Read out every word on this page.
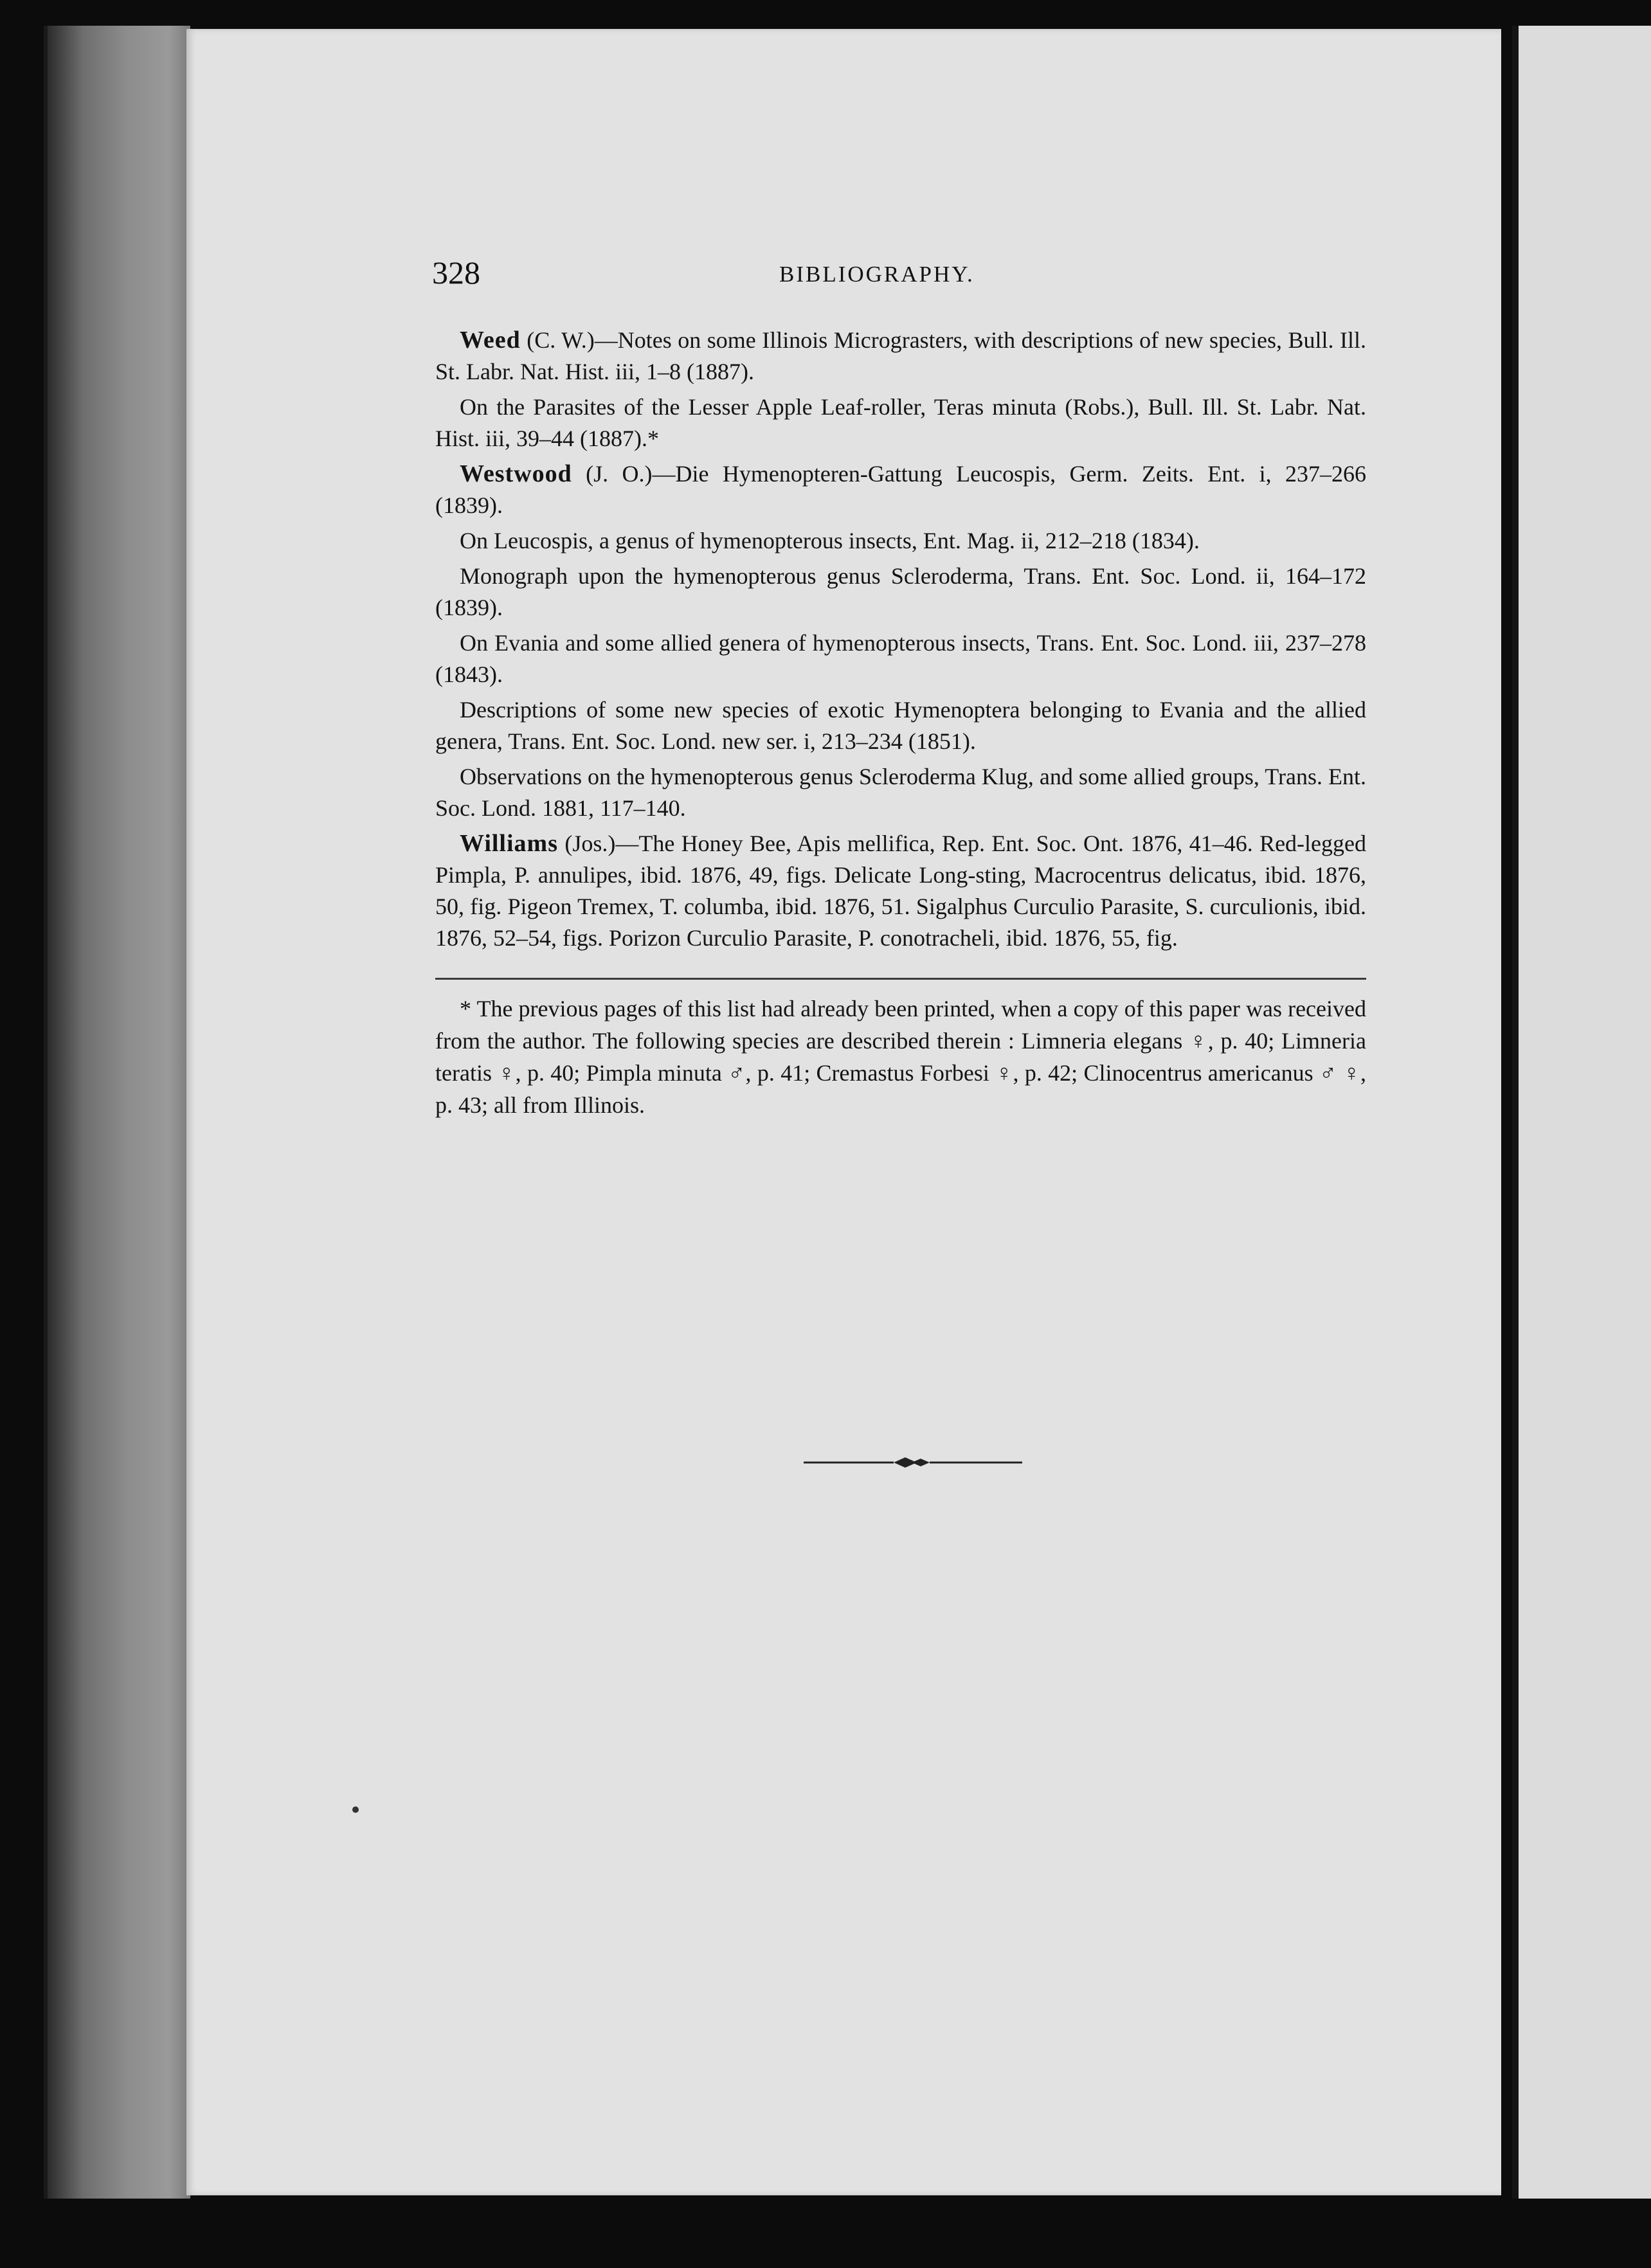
328	BIBLIOGRAPHY.

Weed (C. W.)—Notes on some Illinois Micrograsters, with descriptions of new species, Bull. Ill. St. Labr. Nat. Hist. iii, 1–8 (1887).

On the Parasites of the Lesser Apple Leaf-roller, Teras minuta (Robs.), Bull. Ill. St. Labr. Nat. Hist. iii, 39–44 (1887).*

Westwood (J. O.)—Die Hymenopteren-Gattung Leucospis, Germ. Zeits. Ent. i, 237–266 (1839).

On Leucospis, a genus of hymenopterous insects, Ent. Mag. ii, 212–218 (1834).

Monograph upon the hymenopterous genus Scleroderma, Trans. Ent. Soc. Lond. ii, 164–172 (1839).

On Evania and some allied genera of hymenopterous insects, Trans. Ent. Soc. Lond. iii, 237–278 (1843).

Descriptions of some new species of exotic Hymenoptera belonging to Evania and the allied genera, Trans. Ent. Soc. Lond. new ser. i, 213–234 (1851).

Observations on the hymenopterous genus Scleroderma Klug, and some allied groups, Trans. Ent. Soc. Lond. 1881, 117–140.

Williams (Jos.)—The Honey Bee, Apis mellifica, Rep. Ent. Soc. Ont. 1876, 41–46. Red-legged Pimpla, P. annulipes, ibid. 1876, 49, figs. Delicate Long-sting, Macrocentrus delicatus, ibid. 1876, 50, fig. Pigeon Tremex, T. columba, ibid. 1876, 51. Sigalphus Curculio Parasite, S. curculionis, ibid. 1876, 52–54, figs. Porizon Curculio Parasite, P. conotracheli, ibid. 1876, 55, fig.

* The previous pages of this list had already been printed, when a copy of this paper was received from the author. The following species are described therein : Limneria elegans ♀, p. 40; Limneria teratis ♀, p. 40; Pimpla minuta ♂, p. 41; Cremastus Forbesi ♀, p. 42; Clinocentrus americanus ♂ ♀, p. 43; all from Illinois.
